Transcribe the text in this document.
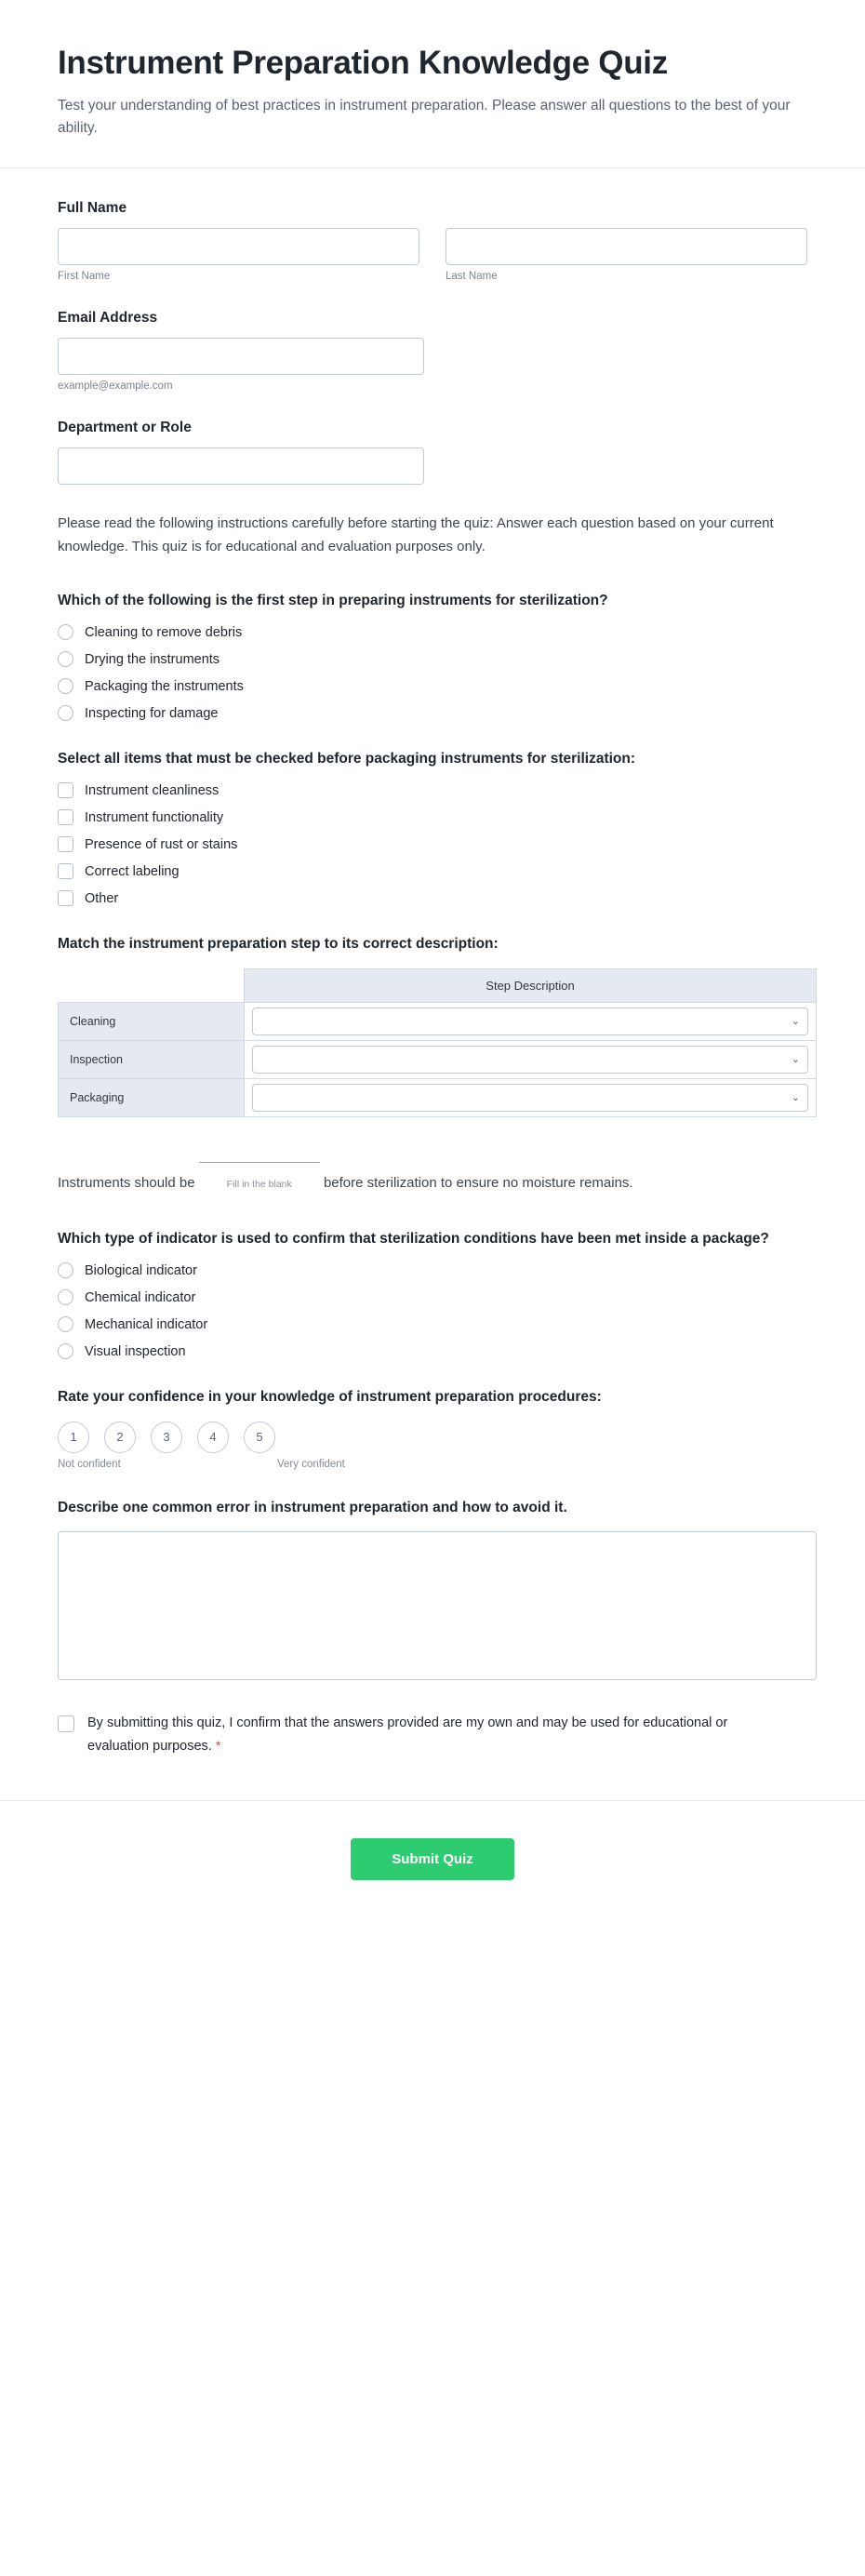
Instrument Preparation Knowledge Quiz

Test your understanding of best practices in instrument preparation. Please answer all questions to the best of your ability.

Full Name
First Name	Last Name
Email Address
example@example.com
Department or Role

Please read the following instructions carefully before starting the quiz: Answer each question based on your current knowledge. This quiz is for educational and evaluation purposes only.

Which of the following is the first step in preparing instruments for sterilization?
Cleaning to remove debris
Drying the instruments
Packaging the instruments
Inspecting for damage
Select all items that must be checked before packaging instruments for sterilization:
Instrument cleanliness
Instrument functionality
Presence of rust or stains
Correct labeling
Other
Match the instrument preparation step to its correct description:
	Step Description
Cleaning	⌄

Inspection	⌄

Packaging	⌄
Instruments should be	Fill in the blank	before sterilization to ensure no moisture remains.
Which type of indicator is used to confirm that sterilization conditions have been met inside a package?
Biological indicator
Chemical indicator
Mechanical indicator
Visual inspection
Rate your confidence in your knowledge of instrument preparation procedures:
1	2	3	4	5
Not confident	Very confident
Describe one common error in instrument preparation and how to avoid it.
By submitting this quiz, I confirm that the answers provided are my own and may be used for educational or evaluation purposes. *
Submit Quiz
